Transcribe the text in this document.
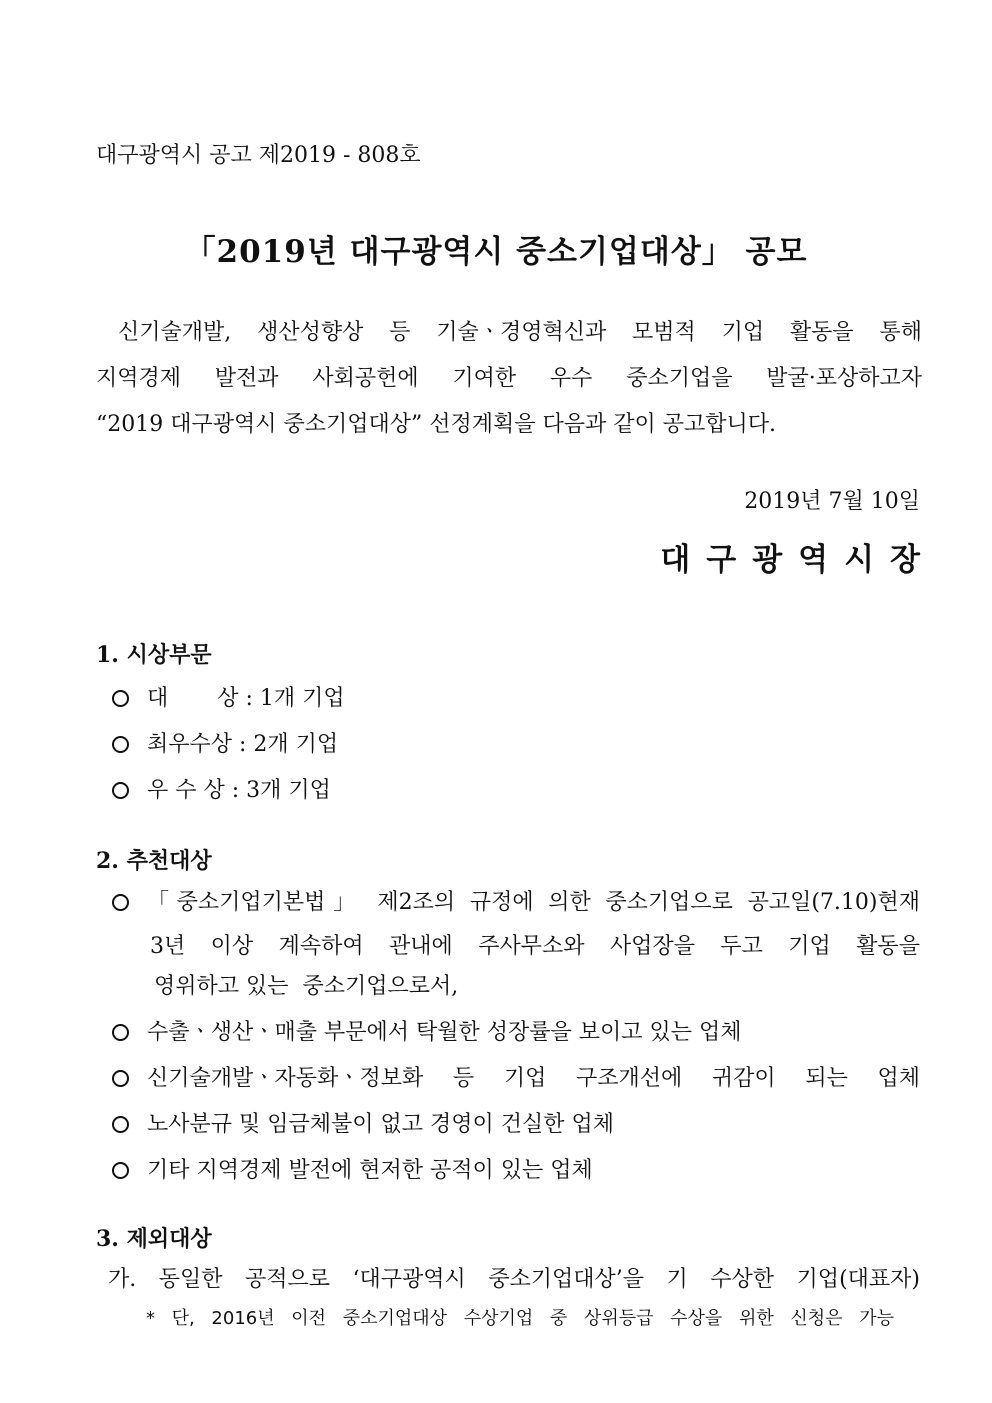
대구광역시 공고 제2019 - 808호
「2019년 대구광역시 중소기업대상」 공모
신기술개발, 생산성향상 등 기술ㆍ경영혁신과 모범적 기업 활동을 통해
지역경제 발전과 사회공헌에 기여한 우수 중소기업을 발굴·포상하고자
“2019 대구광역시 중소기업대상” 선정계획을 다음과 같이 공고합니다.
2019년 7월 10일
대구광역시장
1. 시상부문
대       상 : 1개 기업
최우수상 : 2개 기업
우 수 상 : 3개 기업
2. 추천대상
「중소기업기본법」 제2조의 규정에 의한 중소기업으로 공고일(7.10)현재
3년 이상 계속하여 관내에 주사무소와 사업장을 두고 기업 활동을
영위하고 있는  중소기업으로서,
수출ㆍ생산ㆍ매출 부문에서 탁월한 성장률을 보이고 있는 업체
신기술개발ㆍ자동화ㆍ정보화 등 기업 구조개선에 귀감이 되는 업체
노사분규 및 임금체불이 없고 경영이 건실한 업체
기타 지역경제 발전에 현저한 공적이 있는 업체
3. 제외대상
가. 동일한 공적으로 ‘대구광역시 중소기업대상’을 기 수상한 기업(대표자)
* 단, 2016년 이전 중소기업대상 수상기업 중 상위등급 수상을 위한 신청은 가능
